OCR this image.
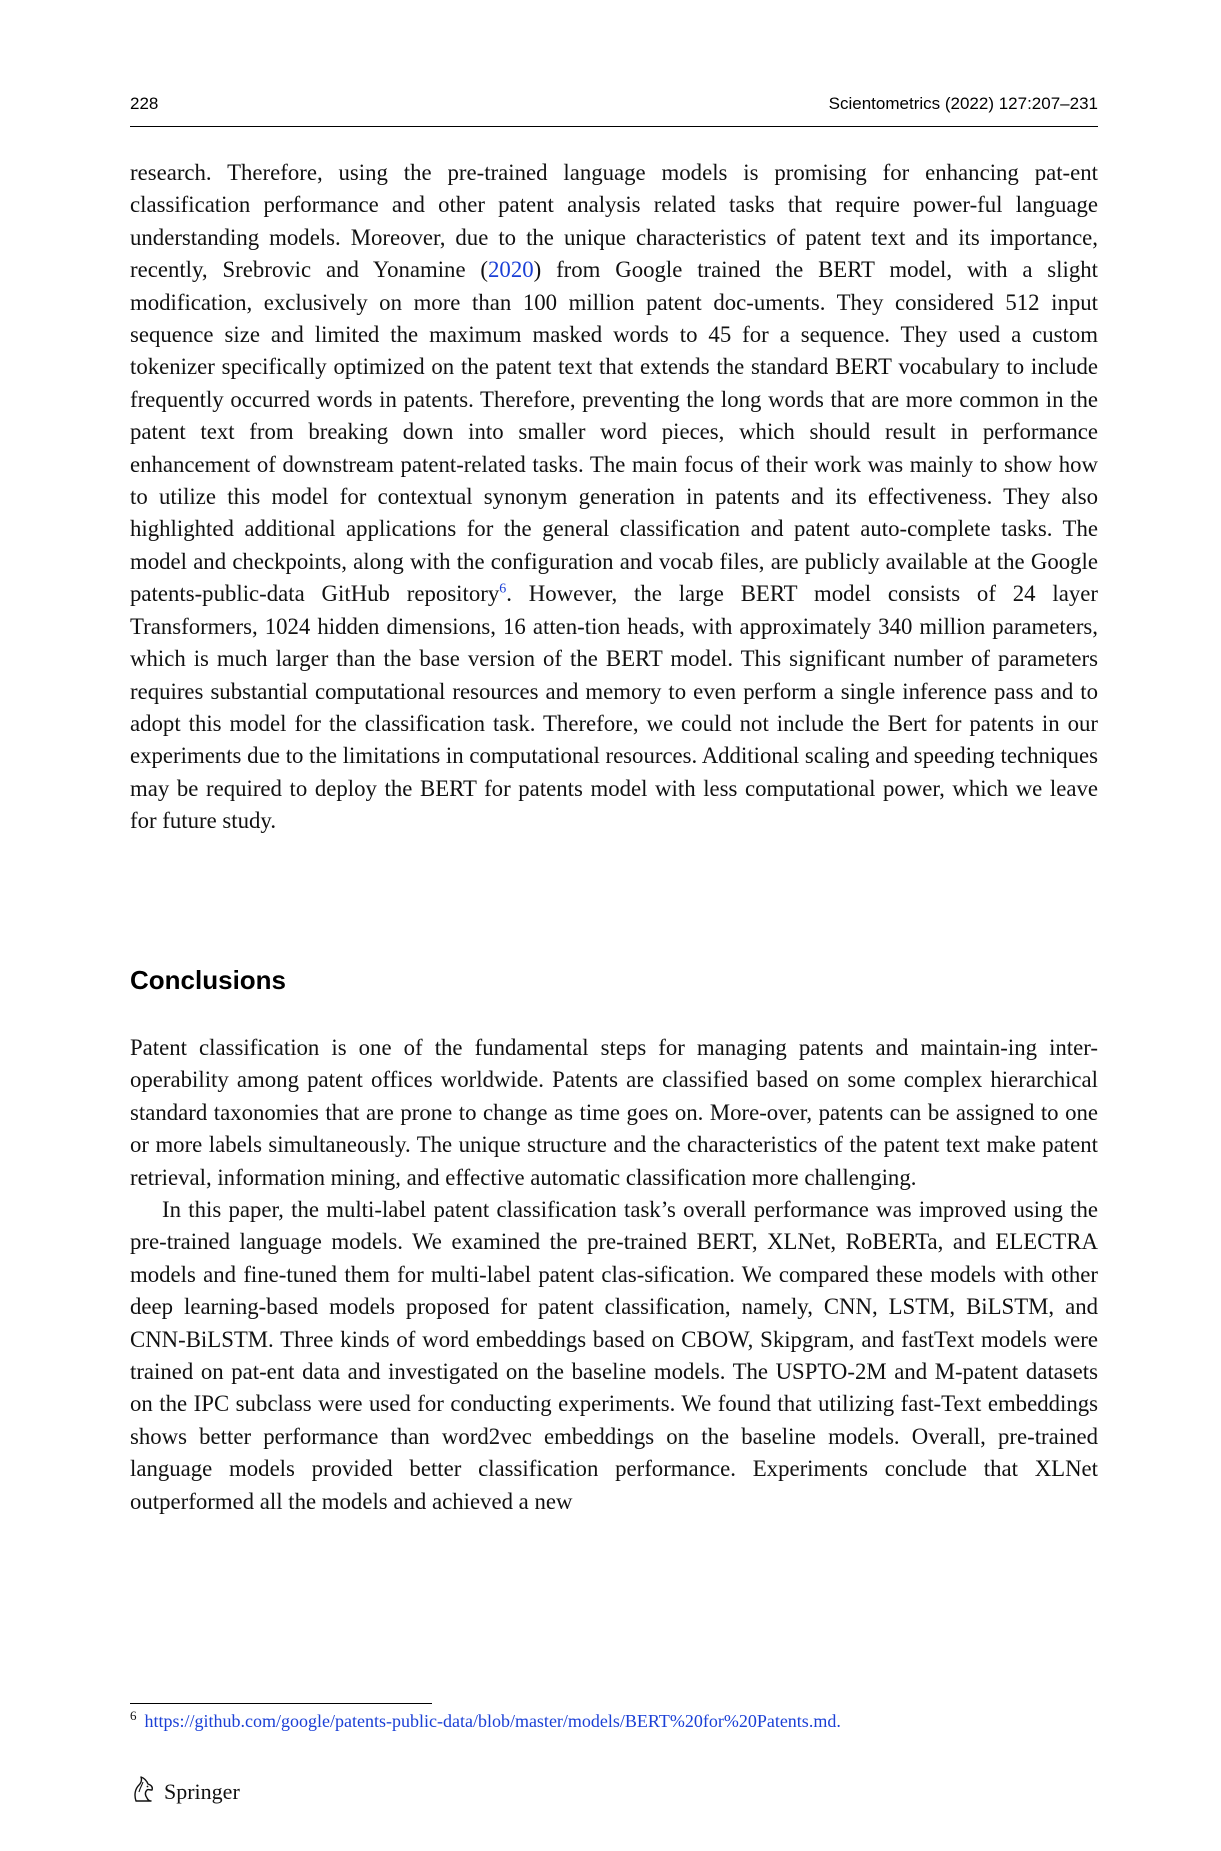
228	Scientometrics (2022) 127:207–231

research. Therefore, using the pre-trained language models is promising for enhancing pat-ent classification performance and other patent analysis related tasks that require power-ful language understanding models. Moreover, due to the unique characteristics of patent text and its importance, recently, Srebrovic and Yonamine (2020) from Google trained the BERT model, with a slight modification, exclusively on more than 100 million patent doc-uments. They considered 512 input sequence size and limited the maximum masked words to 45 for a sequence. They used a custom tokenizer specifically optimized on the patent text that extends the standard BERT vocabulary to include frequently occurred words in patents. Therefore, preventing the long words that are more common in the patent text from breaking down into smaller word pieces, which should result in performance enhancement of downstream patent-related tasks. The main focus of their work was mainly to show how to utilize this model for contextual synonym generation in patents and its effectiveness. They also highlighted additional applications for the general classification and patent auto-complete tasks. The model and checkpoints, along with the configuration and vocab files, are publicly available at the Google patents-public-data GitHub repository$^6$. However, the large BERT model consists of 24 layer Transformers, 1024 hidden dimensions, 16 atten-tion heads, with approximately 340 million parameters, which is much larger than the base version of the BERT model. This significant number of parameters requires substantial computational resources and memory to even perform a single inference pass and to adopt this model for the classification task. Therefore, we could not include the Bert for patents in our experiments due to the limitations in computational resources. Additional scaling and speeding techniques may be required to deploy the BERT for patents model with less computational power, which we leave for future study.

Conclusions

Patent classification is one of the fundamental steps for managing patents and maintain-ing inter-operability among patent offices worldwide. Patents are classified based on some complex hierarchical standard taxonomies that are prone to change as time goes on. More-over, patents can be assigned to one or more labels simultaneously. The unique structure and the characteristics of the patent text make patent retrieval, information mining, and effective automatic classification more challenging.

In this paper, the multi-label patent classification task’s overall performance was improved using the pre-trained language models. We examined the pre-trained BERT, XLNet, RoBERTa, and ELECTRA models and fine-tuned them for multi-label patent clas-sification. We compared these models with other deep learning-based models proposed for patent classification, namely, CNN, LSTM, BiLSTM, and CNN-BiLSTM. Three kinds of word embeddings based on CBOW, Skipgram, and fastText models were trained on pat-ent data and investigated on the baseline models. The USPTO-2M and M-patent datasets on the IPC subclass were used for conducting experiments. We found that utilizing fast-Text embeddings shows better performance than word2vec embeddings on the baseline models. Overall, pre-trained language models provided better classification performance. Experiments conclude that XLNet outperformed all the models and achieved a new

$^6$ https://github.com/google/patents-public-data/blob/master/models/BERT%20for%20Patents.md.
Springer
